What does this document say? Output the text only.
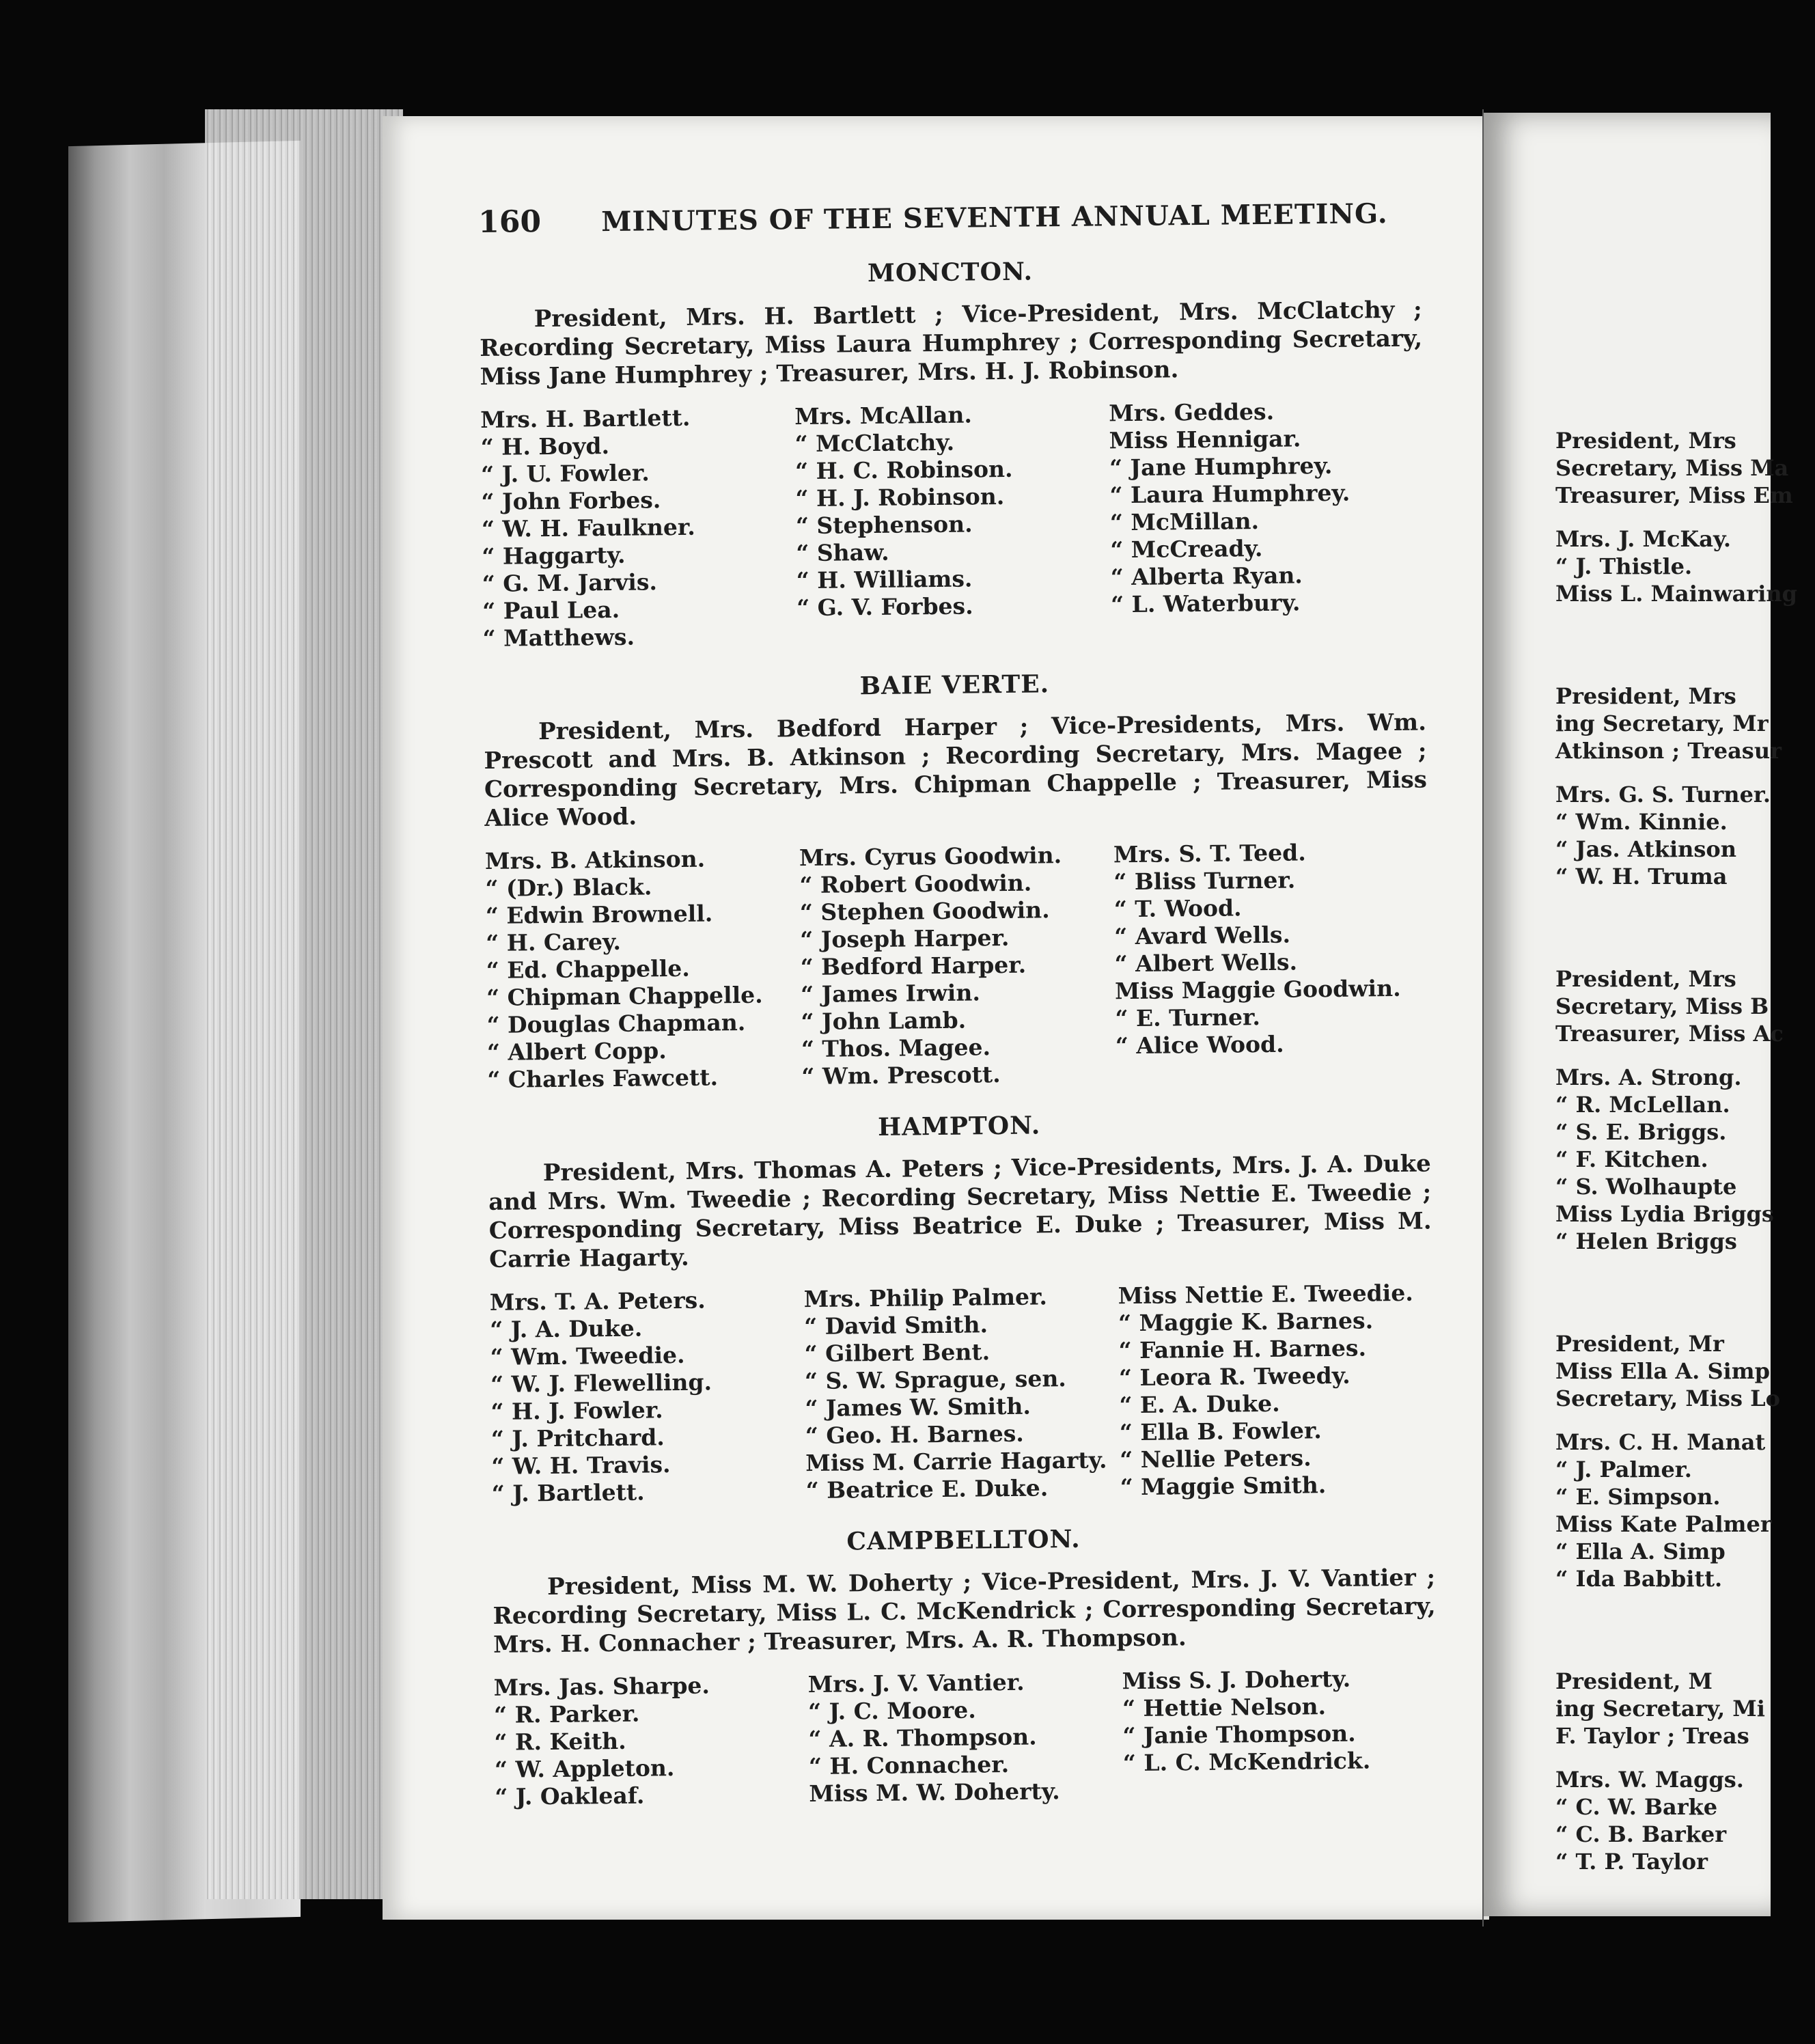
President, Mrs
Secretary, Miss Ma
Treasurer, Miss Em
Mrs. J. McKay.
“ J. Thistle.
Miss L. Mainwaring
President, Mrs
ing Secretary, Mr
Atkinson ; Treasur
Mrs. G. S. Turner.
“ Wm. Kinnie.
“ Jas. Atkinson
“ W. H. Truma
President, Mrs
Secretary, Miss B
Treasurer, Miss Ac
Mrs. A. Strong.
“ R. McLellan.
“ S. E. Briggs.
“ F. Kitchen.
“ S. Wolhaupte
Miss Lydia Briggs
“ Helen Briggs
President, Mr
Miss Ella A. Simp
Secretary, Miss Lo
Mrs. C. H. Manat
“ J. Palmer.
“ E. Simpson.
Miss Kate Palmer
“ Ella A. Simp
“ Ida Babbitt.
President, M
ing Secretary, Mi
F. Taylor ; Treas
Mrs. W. Maggs.
“ C. W. Barke
“ C. B. Barker
“ T. P. Taylor
160	MINUTES OF THE SEVENTH ANNUAL MEETING.
MONCTON.
President, Mrs. H. Bartlett ; Vice-President, Mrs. McClatchy ; Recording Secretary, Miss Laura Humphrey ; Corresponding Secretary, Miss Jane Humphrey ; Treasurer, Mrs. H. J. Robinson.
Mrs. H. Bartlett.
“ H. Boyd.
“ J. U. Fowler.
“ John Forbes.
“ W. H. Faulkner.
“ Haggarty.
“ G. M. Jarvis.
“ Paul Lea.
“ Matthews.
Mrs. McAllan.
“ McClatchy.
“ H. C. Robinson.
“ H. J. Robinson.
“ Stephenson.
“ Shaw.
“ H. Williams.
“ G. V. Forbes.
Mrs. Geddes.
Miss Hennigar.
“ Jane Humphrey.
“ Laura Humphrey.
“ McMillan.
“ McCready.
“ Alberta Ryan.
“ L. Waterbury.
BAIE VERTE.
President, Mrs. Bedford Harper ; Vice-Presidents, Mrs. Wm. Prescott and Mrs. B. Atkinson ; Recording Secretary, Mrs. Magee ; Corresponding Secretary, Mrs. Chipman Chappelle ; Treasurer, Miss Alice Wood.
Mrs. B. Atkinson.
“ (Dr.) Black.
“ Edwin Brownell.
“ H. Carey.
“ Ed. Chappelle.
“ Chipman Chappelle.
“ Douglas Chapman.
“ Albert Copp.
“ Charles Fawcett.
Mrs. Cyrus Goodwin.
“ Robert Goodwin.
“ Stephen Goodwin.
“ Joseph Harper.
“ Bedford Harper.
“ James Irwin.
“ John Lamb.
“ Thos. Magee.
“ Wm. Prescott.
Mrs. S. T. Teed.
“ Bliss Turner.
“ T. Wood.
“ Avard Wells.
“ Albert Wells.
Miss Maggie Goodwin.
“ E. Turner.
“ Alice Wood.
HAMPTON.
President, Mrs. Thomas A. Peters ; Vice-Presidents, Mrs. J. A. Duke and Mrs. Wm. Tweedie ; Recording Secretary, Miss Nettie E. Tweedie ; Corresponding Secretary, Miss Beatrice E. Duke ; Treasurer, Miss M. Carrie Hagarty.
Mrs. T. A. Peters.
“ J. A. Duke.
“ Wm. Tweedie.
“ W. J. Flewelling.
“ H. J. Fowler.
“ J. Pritchard.
“ W. H. Travis.
“ J. Bartlett.
Mrs. Philip Palmer.
“ David Smith.
“ Gilbert Bent.
“ S. W. Sprague, sen.
“ James W. Smith.
“ Geo. H. Barnes.
Miss M. Carrie Hagarty.
“ Beatrice E. Duke.
Miss Nettie E. Tweedie.
“ Maggie K. Barnes.
“ Fannie H. Barnes.
“ Leora R. Tweedy.
“ E. A. Duke.
“ Ella B. Fowler.
“ Nellie Peters.
“ Maggie Smith.
CAMPBELLTON.
President, Miss M. W. Doherty ; Vice-President, Mrs. J. V. Vantier ; Recording Secretary, Miss L. C. McKendrick ; Corresponding Secretary, Mrs. H. Connacher ; Treasurer, Mrs. A. R. Thompson.
Mrs. Jas. Sharpe.
“ R. Parker.
“ R. Keith.
“ W. Appleton.
“ J. Oakleaf.
Mrs. J. V. Vantier.
“ J. C. Moore.
“ A. R. Thompson.
“ H. Connacher.
Miss M. W. Doherty.
Miss S. J. Doherty.
“ Hettie Nelson.
“ Janie Thompson.
“ L. C. McKendrick.
